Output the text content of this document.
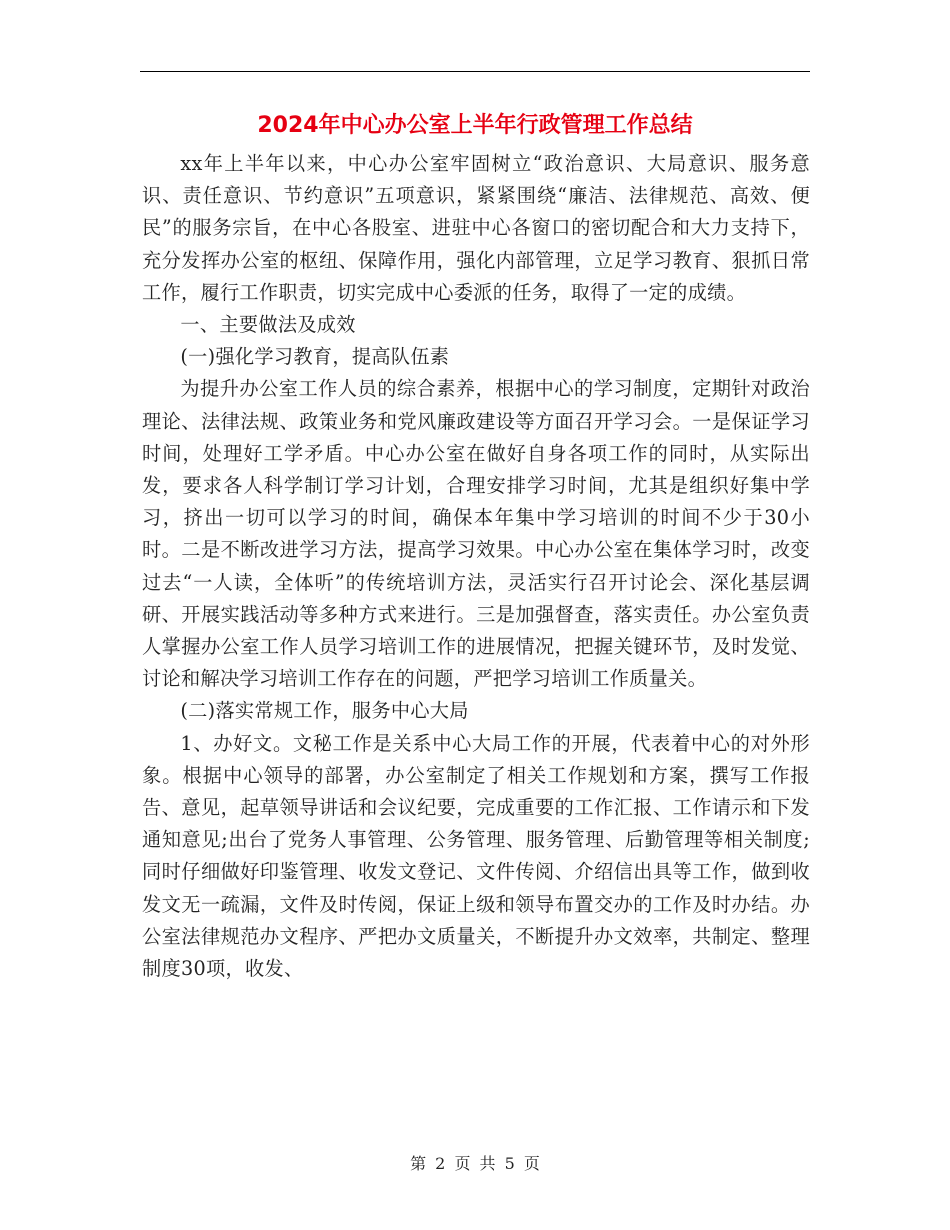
2024年中心办公室上半年行政管理工作总结

xx年上半年以来，中心办公室牢固树立“政治意识、大局意识、服务意识、责任意识、节约意识”五项意识，紧紧围绕“廉洁、法律规范、高效、便民”的服务宗旨，在中心各股室、进驻中心各窗口的密切配合和大力支持下，充分发挥办公室的枢纽、保障作用，强化内部管理，立足学习教育、狠抓日常工作，履行工作职责，切实完成中心委派的任务，取得了一定的成绩。

一、主要做法及成效

(一)强化学习教育，提高队伍素

为提升办公室工作人员的综合素养，根据中心的学习制度，定期针对政治理论、法律法规、政策业务和党风廉政建设等方面召开学习会。一是保证学习时间，处理好工学矛盾。中心办公室在做好自身各项工作的同时，从实际出发，要求各人科学制订学习计划，合理安排学习时间，尤其是组织好集中学习，挤出一切可以学习的时间，确保本年集中学习培训的时间不少于30小时。二是不断改进学习方法，提高学习效果。中心办公室在集体学习时，改变过去“一人读，全体听”的传统培训方法，灵活实行召开讨论会、深化基层调研、开展实践活动等多种方式来进行。三是加强督查，落实责任。办公室负责人掌握办公室工作人员学习培训工作的进展情况，把握关键环节，及时发觉、讨论和解决学习培训工作存在的问题，严把学习培训工作质量关。

(二)落实常规工作，服务中心大局

1、办好文。文秘工作是关系中心大局工作的开展，代表着中心的对外形象。根据中心领导的部署，办公室制定了相关工作规划和方案，撰写工作报告、意见，起草领导讲话和会议纪要，完成重要的工作汇报、工作请示和下发通知意见;出台了党务人事管理、公务管理、服务管理、后勤管理等相关制度;同时仔细做好印鉴管理、收发文登记、文件传阅、介绍信出具等工作，做到收发文无一疏漏，文件及时传阅，保证上级和领导布置交办的工作及时办结。办公室法律规范办文程序、严把办文质量关，不断提升办文效率，共制定、整理制度30项，收发、

第 2 页 共 5 页
